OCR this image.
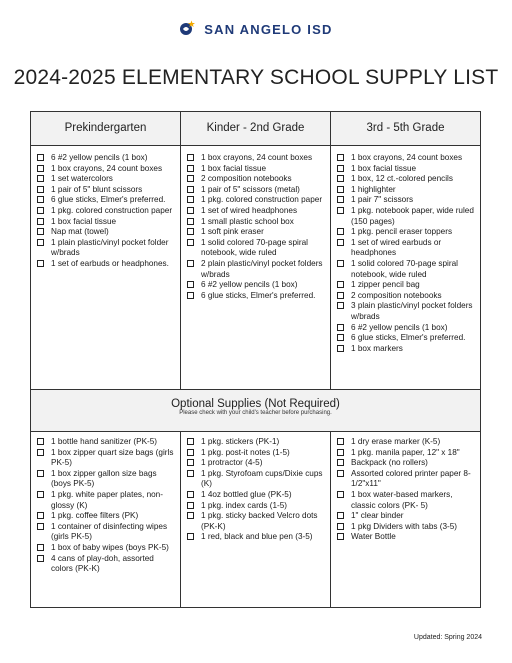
SAN ANGELO ISD
2024-2025 ELEMENTARY SCHOOL SUPPLY LIST
Prekindergarten	Kinder - 2nd Grade	3rd - 5th Grade
6 #2 yellow pencils (1 box)
1 box crayons, 24 count boxes
1 set watercolors
1 pair of 5" blunt scissors
6 glue sticks, Elmer's preferred.
1 pkg. colored construction paper
1 box facial tissue
Nap mat (towel)
1 plain plastic/vinyl pocket folder w/brads
1 set of earbuds or headphones.
1 box crayons, 24 count boxes
1 box facial tissue
2 composition notebooks
1 pair of 5" scissors (metal)
1 pkg. colored construction paper
1 set of wired headphones
1 small plastic school box
1 soft pink eraser
1 solid colored 70-page spiral notebook, wide ruled
2 plain plastic/vinyl pocket folders w/brads
6 #2 yellow pencils (1 box)
6 glue sticks, Elmer's preferred.
1 box crayons, 24 count boxes
1 box facial tissue
1 box, 12 ct.-colored pencils
1 highlighter
1 pair 7" scissors
1 pkg. notebook paper, wide ruled (150 pages)
1 pkg. pencil eraser toppers
1 set of wired earbuds or headphones
1 solid colored 70-page spiral notebook, wide ruled
1 zipper pencil bag
2 composition notebooks
3 plain plastic/vinyl pocket folders w/brads
6 #2 yellow pencils (1 box)
6 glue sticks, Elmer's preferred.
1 box markers
Optional Supplies (Not Required)
Please check with your child's teacher before purchasing.
1 bottle hand sanitizer (PK-5)
1 box zipper quart size bags (girls PK-5)
1 box zipper gallon size bags (boys PK-5)
1 pkg. white paper plates, non-glossy (K)
1 pkg. coffee filters (PK)
1 container of disinfecting wipes (girls PK-5)
1 box of baby wipes (boys PK-5)
4 cans of play-doh, assorted colors (PK-K)
1 pkg. stickers (PK-1)
1 pkg. post-it notes (1-5)
1 protractor (4-5)
1 pkg. Styrofoam cups/Dixie cups (K)
1 4oz bottled glue (PK-5)
1 pkg. index cards (1-5)
1 pkg. sticky backed Velcro dots (PK-K)
1 red, black and blue pen (3-5)
1 dry erase marker (K-5)
1 pkg. manila paper, 12" x 18"
Backpack (no rollers)
Assorted colored printer paper 8-1/2"x11"
1 box water-based markers, classic colors (PK- 5)
1" clear binder
1 pkg Dividers with tabs (3-5)
Water Bottle
Updated: Spring 2024
